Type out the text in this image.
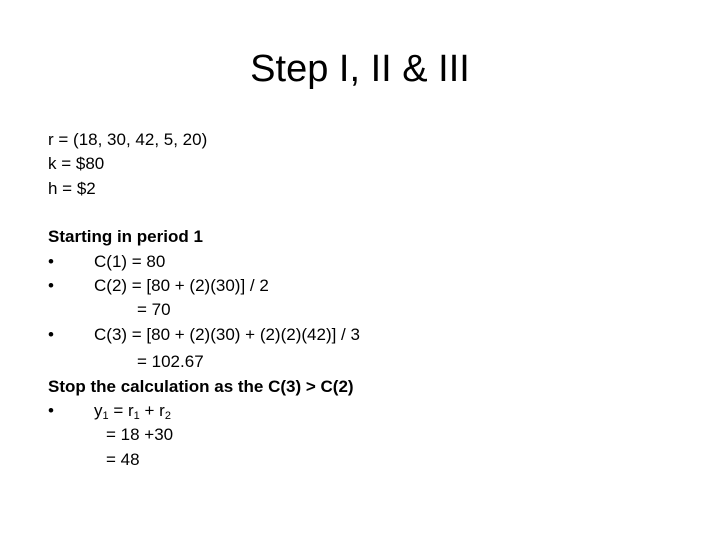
Step I, II & III
r = (18, 30, 42, 5, 20)
k = $80
h = $2
Starting in period 1
• C(1) = 80
• C(2) = [80 + (2)(30)] / 2
= 70
• C(3) = [80 + (2)(30) + (2)(2)(42)] / 3
= 102.67
Stop the calculation as the C(3) > C(2)
• $y_1 = r_1 + r_2$
= 18 +30
= 48
